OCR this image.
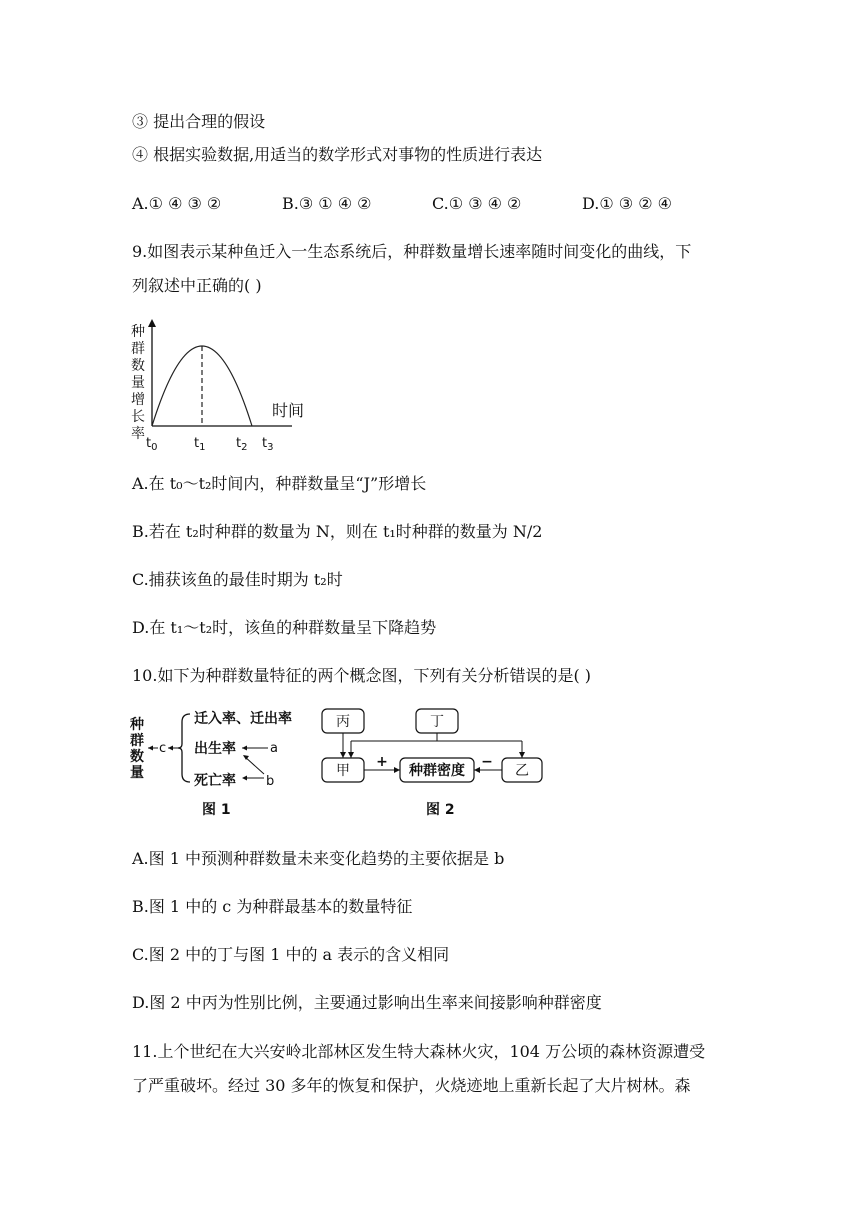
③ 提出合理的假设
④ 根据实验数据,用适当的数学形式对事物的性质进行表达
A.① ④ ③ ②	B.③ ① ④ ②	C.① ③ ④ ②	D.① ③ ② ④
9.如图表示某种鱼迁入一生态系统后，种群数量增长速率随时间变化的曲线，下
列叙述中正确的( )
种
群
数
量
增
长
率
时间
$t_0$	$t_1$ $t_2$ $t_3$
A.在 t₀～t₂时间内，种群数量呈“J”形增长
B.若在 t₂时种群的数量为 N，则在 t₁时种群的数量为 N/2
C.捕获该鱼的最佳时期为 t₂时
D.在 t₁～t₂时，该鱼的种群数量呈下降趋势
10.如下为种群数量特征的两个概念图，下列有关分析错误的是( )
种
群
数
量
c
迁入率、迁出率
出生率
死亡率
a
b
图 1
丙	丁
甲	种群密度	乙
+	−
图 2
A.图 1 中预测种群数量未来变化趋势的主要依据是 b
B.图 1 中的 c 为种群最基本的数量特征
C.图 2 中的丁与图 1 中的 a 表示的含义相同
D.图 2 中丙为性别比例，主要通过影响出生率来间接影响种群密度
11.上个世纪在大兴安岭北部林区发生特大森林火灾，104 万公顷的森林资源遭受
了严重破坏。经过 30 多年的恢复和保护，火烧迹地上重新长起了大片树林。森
